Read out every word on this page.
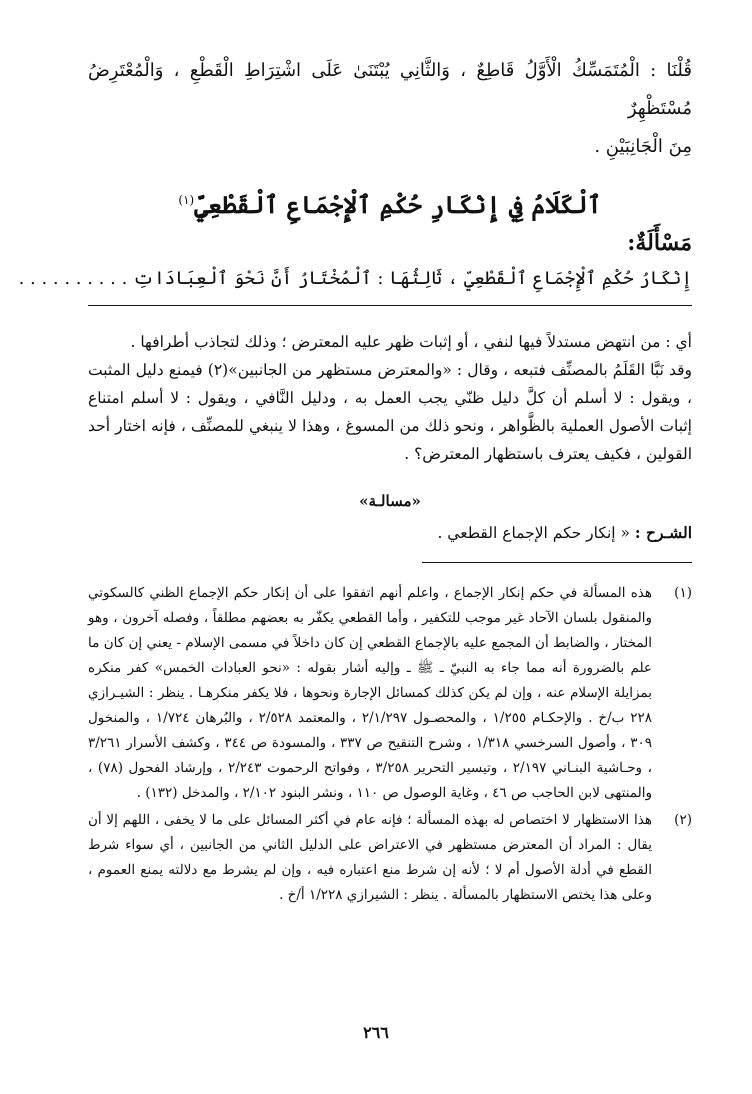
قُلْنَا : الْمُتَمَسِّكُ الْأَوَّلُ قَاطِعٌ ، وَالثَّانِي يُبْتَنَىٰ عَلَى اشْتِرَاطِ الْقَطْعِ ، وَالْمُعْتَرِضُ مُسْتَظْهِرٌ

مِنَ الْجَانِبَيْنِ .

ٱلْكَلَامُ فِي إِنْكَارِ حُكْمِ ٱلْإِجْمَاعِ ٱلْقَطْعِيِّ$^{(١)}$

مَسْأَلَةٌ:

إِنْكَارُ حُكْمِ ٱلْإِجْمَاعِ ٱلْقَطْعِيِّ ، ثَالِثُهَا : ٱلْمُخْتَارُ أَنَّ نَحْوَ ٱلْعِبَادَاتِ . . . . . . . . . .

أي : من انتهض مستدلاً فيها لنفي ، أو إثبات ظهر عليه المعترض ؛ وذلك لتجاذب أطرافها .

وقد نَبَّا القَلَمُ بالمصنِّف فتبعه ، وقال : «والمعترض مستظهر من الجانبين»(٢) فيمنع دليل المثبت ، ويقول : لا أسلم أن كلَّ دليل ظنّي يجب العمل به ، ودليل النَّافي ، ويقول : لا أسلم امتناع إثبات الأصول العملية بالظَّواهر ، ونحو ذلك من المسوغ ، وهذا لا ينبغي للمصنِّف ، فإنه اختار أحد القولين ، فكيف يعترف باستظهار المعترض؟ .

«مسالـة»

الشـرح : « إنكار حكم الإجماع القطعي .

(١)
هذه المسألة في حكم إنكار الإجماع ، واعلم أنهم اتفقوا على أن إنكار حكم الإجماع الظني كالسكوتي والمنقول بلسان الآحاد غير موجب للتكفير ، وأما القطعي يكفّر به بعضهم مطلقاً ، وفصله آخرون ، وهو المختار ، والضابط أن المجمع عليه بالإجماع القطعي إن كان داخلاً في مسمى الإسلام - يعني إن كان ما علم بالضرورة أنه مما جاء به النبيّ ـ ﷺ ـ وإليه أشار بقوله : «نحو العبادات الخمس» كفر منكره بمزايلة الإسلام عنه ، وإن لم يكن كذلك كمسائل الإجارة ونحوها ، فلا يكفر منكرهـا . ينظر : الشيـرازي ٢٢٨ ب/خ . والإحكـام ١/٢٥٥ ، والمحصـول ٢/١/٢٩٧ ، والمعتمد ٢/٥٢٨ ، والبُرهان ١/٧٢٤ ، والمنخول ٣٠٩ ، وأصول السرخسي ١/٣١٨ ، وشرح التنقيح ص ٣٣٧ ، والمسودة ص ٣٤٤ ، وكشف الأسرار ٣/٢٦١ ، وحـاشية البنـاني ٢/١٩٧ ، وتيسير التحرير ٣/٢٥٨ ، وفواتح الرحموت ٢/٢٤٣ ، وإرشاد الفحول (٧٨) ، والمنتهى لابن الحاجب ص ٤٦ ، وغاية الوصول ص ١١٠ ، ونشر البنود ٢/١٠٢ ، والمدخل (١٣٢) .
(٢)
هذا الاستظهار لا اختصاص له بهذه المسألة ؛ فإنه عام في أكثر المسائل على ما لا يخفى ، اللهم إلا أن يقال : المراد أن المعترض مستظهر في الاعتراض على الدليل الثاني من الجانبين ، أي سواء شرط القطع في أدلة الأصول أم لا ؛ لأنه إن شرط منع اعتباره فيه ، وإن لم يشرط مع دلالته يمنع العموم ، وعلى هذا يختص الاستظهار بالمسألة . ينظر : الشيرازي ١/٢٢٨ أ/خ .
٢٦٦
